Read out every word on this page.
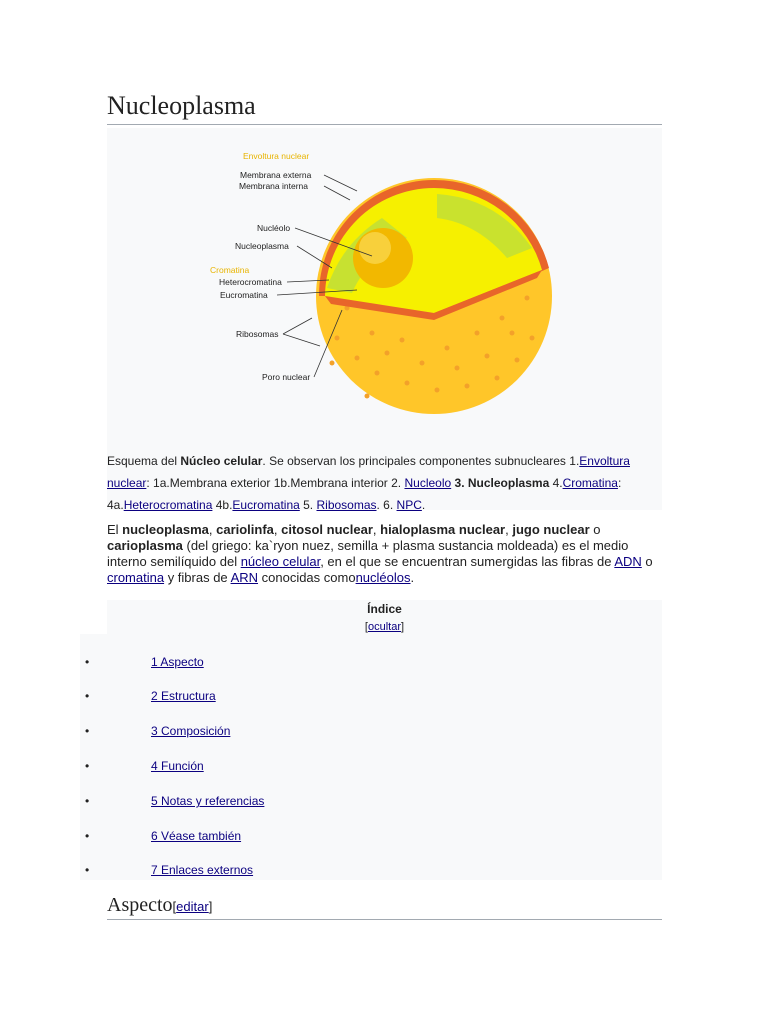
Nucleoplasma
Envoltura nuclear
Membrana externa
Membrana interna
Nucléolo
Nucleoplasma
Cromatina
Heterocromatina
Eucromatina
Ribosomas
Poro nuclear
Esquema del Núcleo celular. Se observan los principales componentes subnucleares 1.Envoltura nuclear: 1a.Membrana exterior 1b.Membrana interior 2. Nucleolo 3. Nucleoplasma 4.Cromatina: 4a.Heterocromatina 4b.Eucromatina 5. Ribosomas. 6. NPC.
El nucleoplasma, cariolinfa, citosol nuclear, hialoplasma nuclear, jugo nuclear o carioplasma (del griego: ka`ryon nuez, semilla + plasma sustancia moldeada) es el medio interno semilíquido del núcleo celular, en el que se encuentran sumergidas las fibras de ADN o cromatina y fibras de ARN conocidas comonucléolos.
Índice
[ocultar]
•	1 Aspecto
•	2 Estructura
•	3 Composición
•	4 Función
•	5 Notas y referencias
•	6 Véase también
•	7 Enlaces externos
Aspecto[editar]
